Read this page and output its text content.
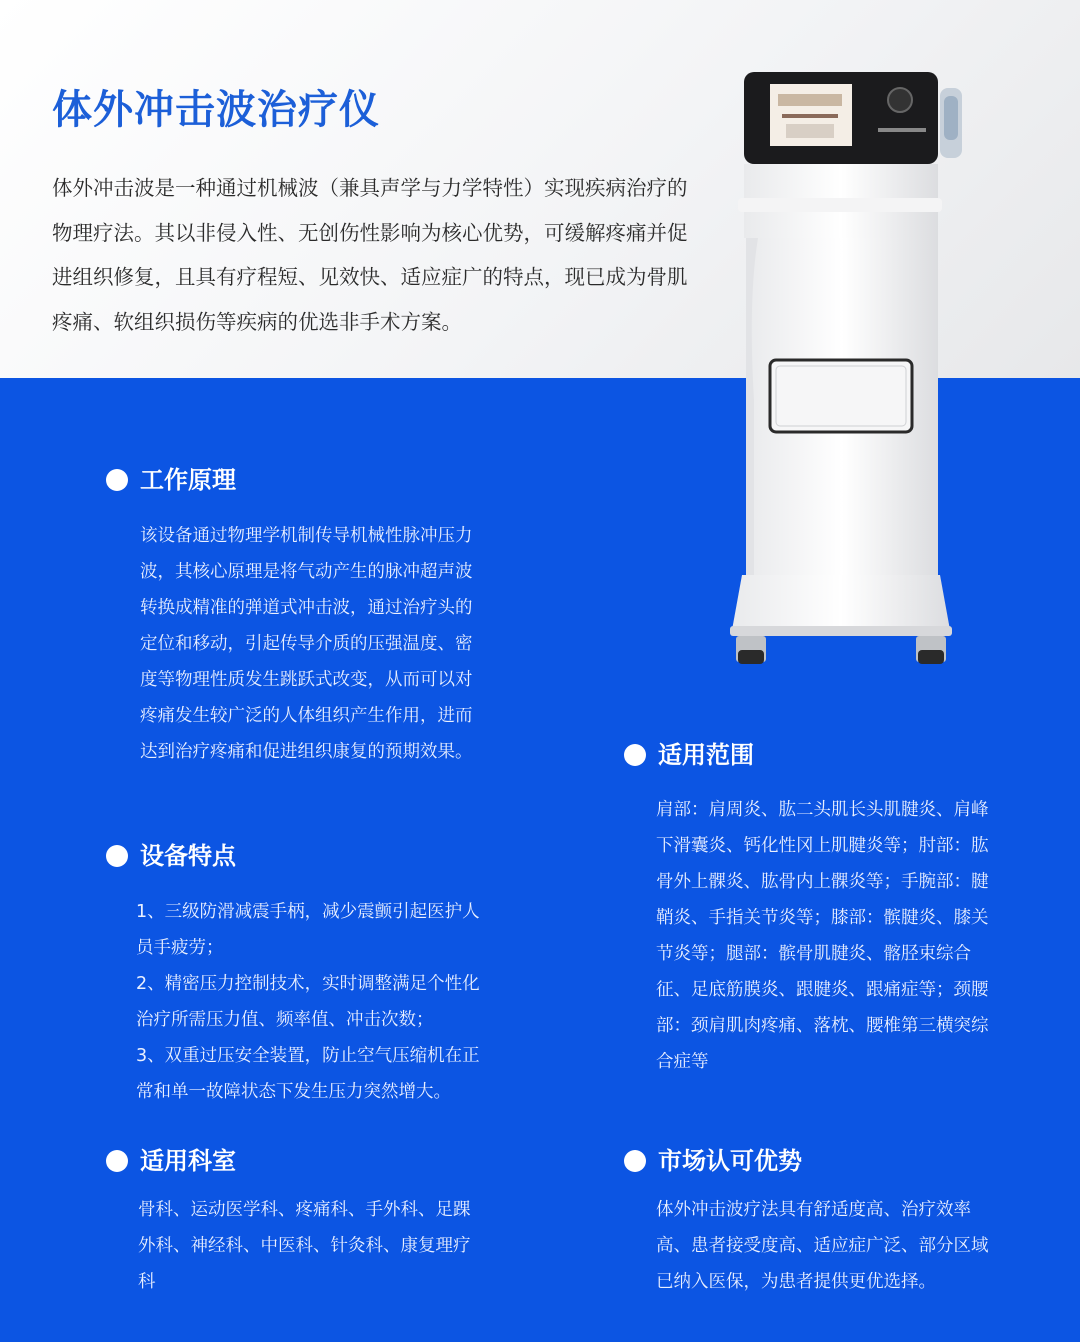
体外冲击波治疗仪

体外冲击波是一种通过机械波（兼具声学与力学特性）实现疾病治疗的物理疗法。其以非侵入性、无创伤性影响为核心优势，可缓解疼痛并促进组织修复，且具有疗程短、见效快、适应症广的特点，现已成为骨肌疼痛、软组织损伤等疾病的优选非手术方案。

工作原理

该设备通过物理学机制传导机械性脉冲压力波，其核心原理是将气动产生的脉冲超声波转换成精准的弹道式冲击波，通过治疗头的定位和移动，引起传导介质的压强温度、密度等物理性质发生跳跃式改变，从而可以对疼痛发生较广泛的人体组织产生作用，进而达到治疗疼痛和促进组织康复的预期效果。

设备特点

1、三级防滑减震手柄，减少震颤引起医护人员手疲劳；

2、精密压力控制技术，实时调整满足个性化治疗所需压力值、频率值、冲击次数；

3、双重过压安全装置，防止空气压缩机在正常和单一故障状态下发生压力突然增大。

适用科室

骨科、运动医学科、疼痛科、手外科、足踝外科、神经科、中医科、针灸科、康复理疗科

适用范围

肩部：肩周炎、肱二头肌长头肌腱炎、肩峰下滑囊炎、钙化性冈上肌腱炎等；肘部：肱骨外上髁炎、肱骨内上髁炎等；手腕部：腱鞘炎、手指关节炎等；膝部：髌腱炎、膝关节炎等；腿部：髌骨肌腱炎、髂胫束综合征、足底筋膜炎、跟腱炎、跟痛症等；颈腰部：颈肩肌肉疼痛、落枕、腰椎第三横突综合症等

市场认可优势

体外冲击波疗法具有舒适度高、治疗效率高、患者接受度高、适应症广泛、部分区域已纳入医保，为患者提供更优选择。
